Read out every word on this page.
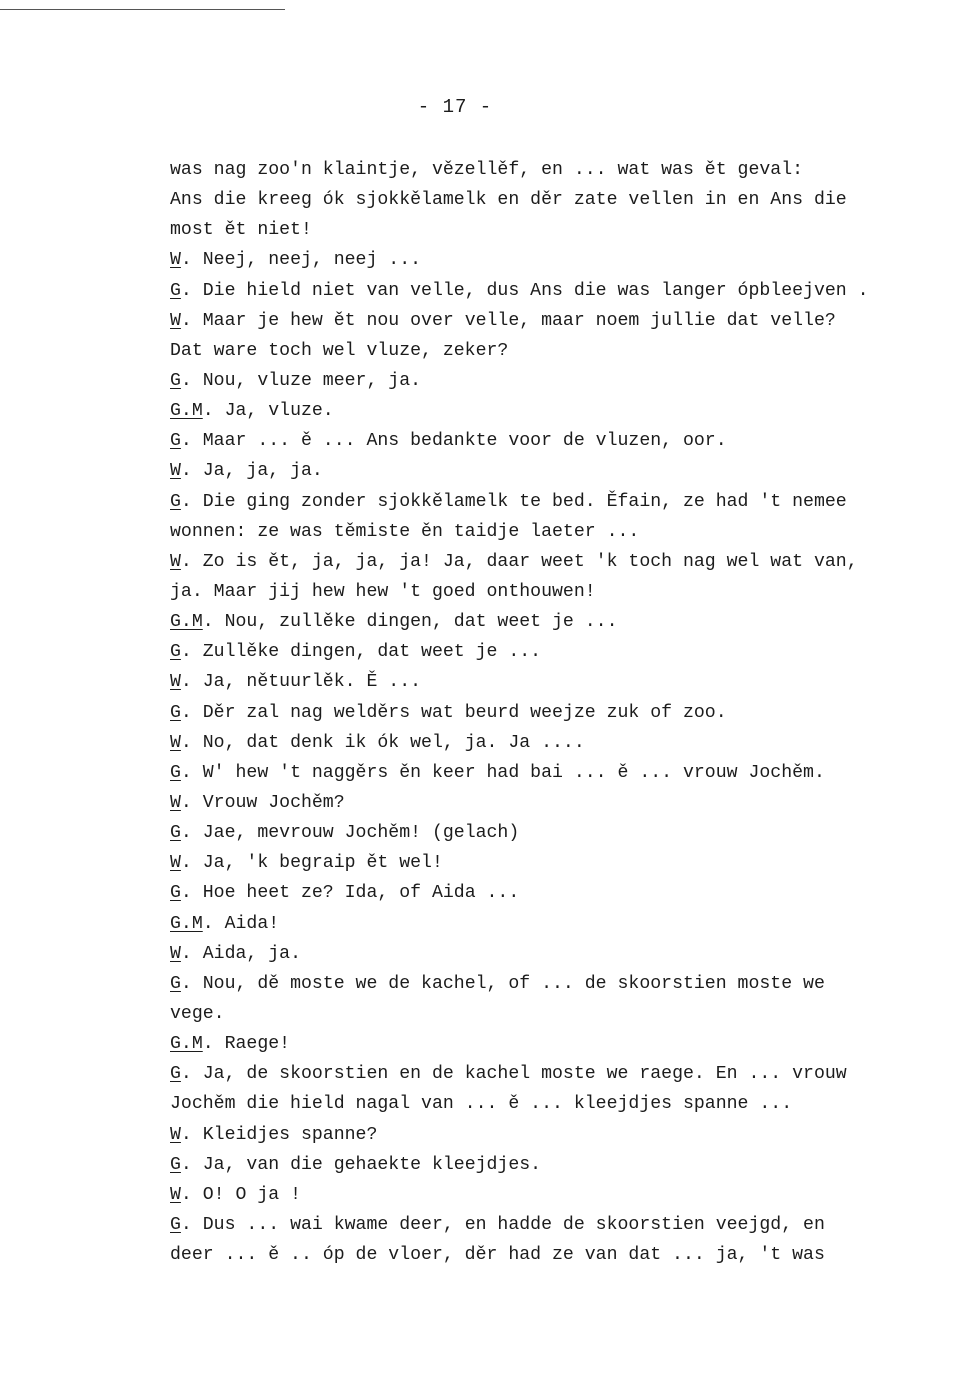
- 17 -
was nag zoo'n klaintje, vězellěf, en ... wat was ět geval:
Ans die kreeg ók sjokkělamelk en děr zate vellen in en Ans die
most ět niet!
W. Neej, neej, neej ...
G. Die hield niet van velle, dus Ans die was langer ópbleejven .
W. Maar je hew ět nou over velle, maar noem jullie dat velle?
Dat ware toch wel vluze, zeker?
G. Nou, vluze meer, ja.
G.M. Ja, vluze.
G. Maar ... ě ... Ans bedankte voor de vluzen, oor.
W. Ja, ja, ja.
G. Die ging zonder sjokkělamelk te bed. Ěfain, ze had 't nemee
wonnen: ze was těmiste ěn taidje laeter ...
W. Zo is ět, ja, ja, ja! Ja, daar weet 'k toch nag wel wat van,
ja. Maar jij hew hew 't goed onthouwen!
G.M. Nou, zullěke dingen, dat weet je ...
G. Zullěke dingen, dat weet je ...
W. Ja, nětuurlěk. Ě ...
G. Děr zal nag welděrs wat beurd weejze zuk of zoo.
W. No, dat denk ik ók wel, ja. Ja ....
G. W' hew 't naggěrs ěn keer had bai ... ě ... vrouw Jochěm.
W. Vrouw Jochěm?
G. Jae, mevrouw Jochěm! (gelach)
W. Ja, 'k begraip ět wel!
G. Hoe heet ze? Ida, of Aida ...
G.M. Aida!
W. Aida, ja.
G. Nou, dě moste we de kachel, of ... de skoorstien moste we
vege.
G.M. Raege!
G. Ja, de skoorstien en de kachel moste we raege. En ... vrouw
Jochěm die hield nagal van ... ě ... kleejdjes spanne ...
W. Kleidjes spanne?
G. Ja, van die gehaekte kleejdjes.
W. O! O ja !
G. Dus ... wai kwame deer, en hadde de skoorstien veejgd, en
deer ... ě .. óp de vloer, děr had ze van dat ... ja, 't was
